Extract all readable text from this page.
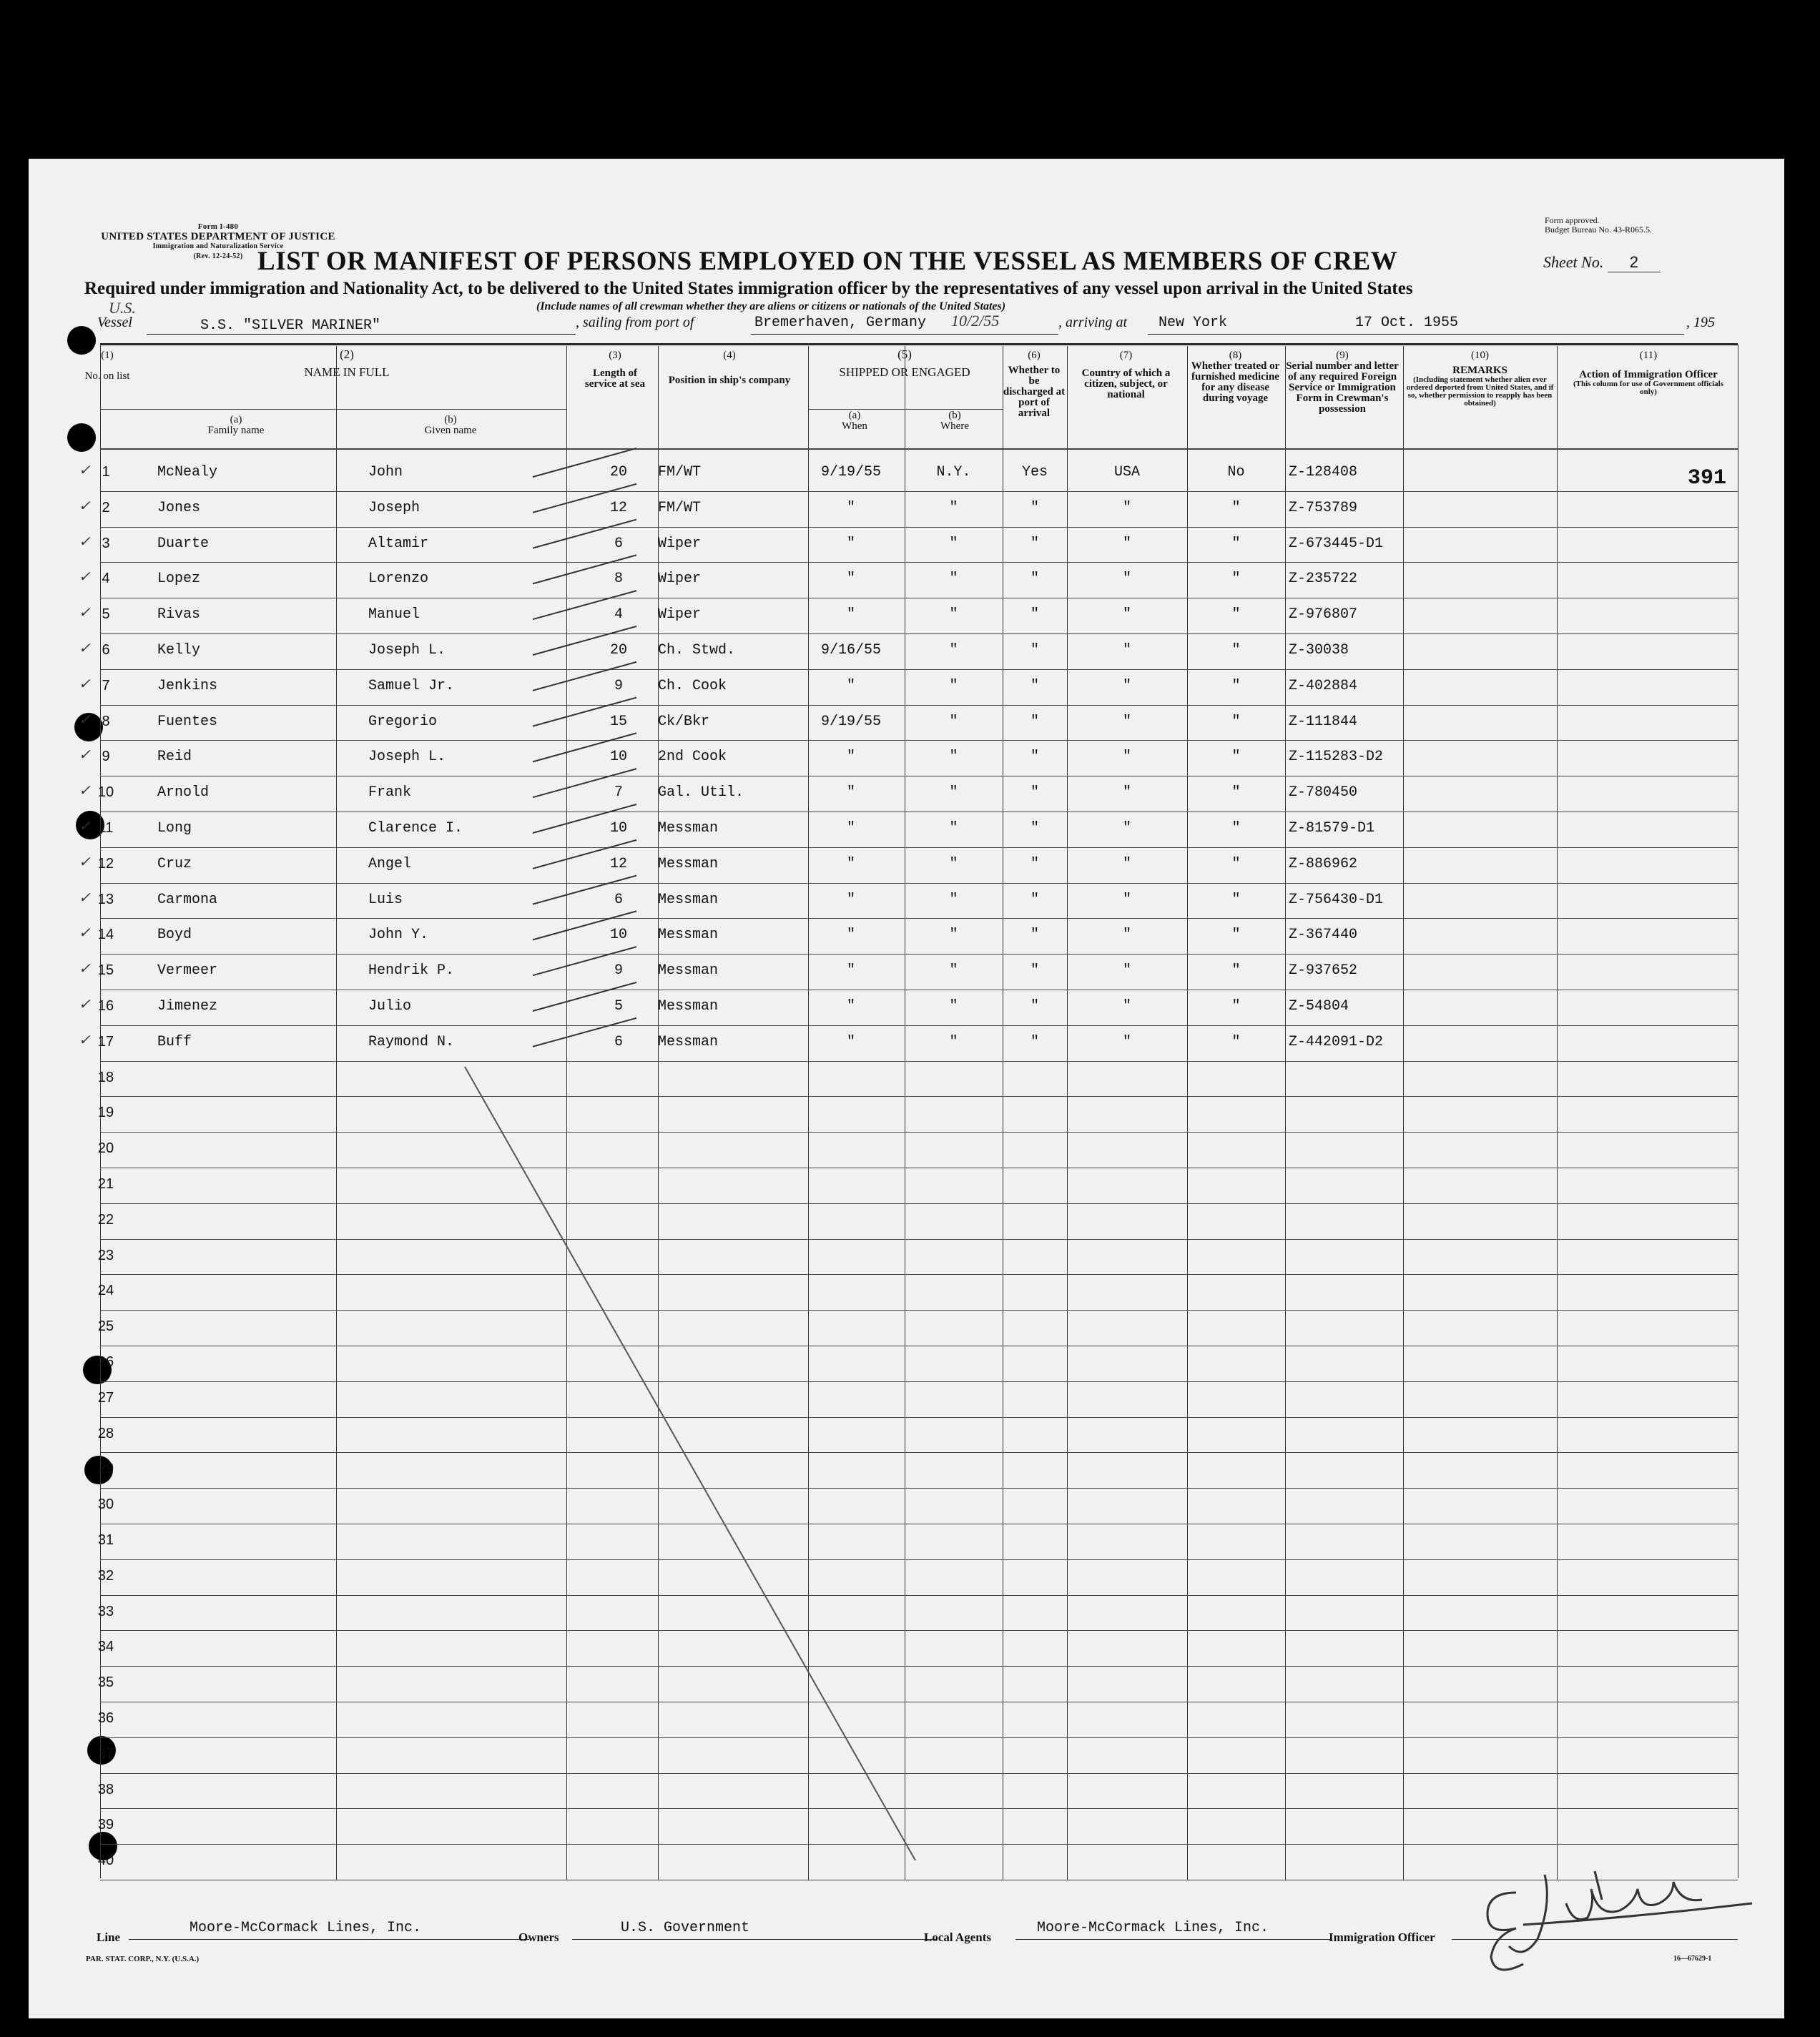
Form I-480
UNITED STATES DEPARTMENT OF JUSTICE
Immigration and Naturalization Service
(Rev. 12-24-52)
Form approved.
Budget Bureau No. 43-R065.5.
LIST OR MANIFEST OF PERSONS EMPLOYED ON THE VESSEL AS MEMBERS OF CREW	Sheet No. 2
Required under immigration and Nationality Act, to be delivered to the United States immigration officer by the representatives of any vessel upon arrival in the United States
(Include names of all crewman whether they are aliens or citizens or nationals of the United States)
U.S.
Vessel	S.S. "SILVER MARINER"	, sailing from port of	Bremerhaven, Germany 10/2/55	, arriving at New York	17 Oct. 1955	, 195
(1)
No. on list
(2)
NAME IN FULL
(a)
Family name
(b)
Given name
(3)
Length of service at sea
(4)
Position in ship's company
(5)
SHIPPED OR ENGAGED
(a)
When
(b)
Where
(6)
Whether to be discharged at port of arrival
(7)
Country of which a citizen, subject, or national
(8)
Whether treated or furnished medicine for any disease during voyage
(9)
Serial number and letter of any required Foreign Service or Immigration Form in Crewman's possession
(10)
REMARKS
(Including statement whether alien ever ordered deported from United States, and if so, whether permission to reapply has been obtained)
(11)
Action of Immigration Officer
(This column for use of Government officials only)
391
1
✓	McNealy	John	20	FM/WT	9/19/55	N.Y.	Yes	USA	No	Z-128408
2
✓	Jones	Joseph	12	FM/WT	"	"	"	"	"	Z-753789
3
✓	Duarte	Altamir	6	Wiper	"	"	"	"	"	Z-673445-D1
4
✓	Lopez	Lorenzo	8	Wiper	"	"	"	"	"	Z-235722
5
✓	Rivas	Manuel	4	Wiper	"	"	"	"	"	Z-976807
6
✓	Kelly	Joseph L.	20	Ch. Stwd.	9/16/55	"	"	"	"	Z-30038
7
✓	Jenkins	Samuel Jr.	9	Ch. Cook	"	"	"	"	"	Z-402884
8
✓	Fuentes	Gregorio	15	Ck/Bkr	9/19/55	"	"	"	"	Z-111844
9
✓	Reid	Joseph L.	10	2nd Cook	"	"	"	"	"	Z-115283-D2
10
✓	Arnold	Frank	7	Gal. Util.	"	"	"	"	"	Z-780450
11
✓	Long	Clarence I.	10	Messman	"	"	"	"	"	Z-81579-D1
12
✓	Cruz	Angel	12	Messman	"	"	"	"	"	Z-886962
13
✓	Carmona	Luis	6	Messman	"	"	"	"	"	Z-756430-D1
14
✓	Boyd	John Y.	10	Messman	"	"	"	"	"	Z-367440
15
✓	Vermeer	Hendrik P.	9	Messman	"	"	"	"	"	Z-937652
16
✓	Jimenez	Julio	5	Messman	"	"	"	"	"	Z-54804
17
✓	Buff	Raymond N.	6	Messman	"	"	"	"	"	Z-442091-D2
18
19
20
21
22
23
24
25
26
27
28
29
30
31
32
33
34
35
36
37
38
39
40
Line
Moore-McCormack Lines, Inc.
Owners
U.S. Government
Local Agents
Moore-McCormack Lines, Inc.
Immigration Officer
PAR. STAT. CORP., N.Y. (U.S.A.)	16—67629-1
